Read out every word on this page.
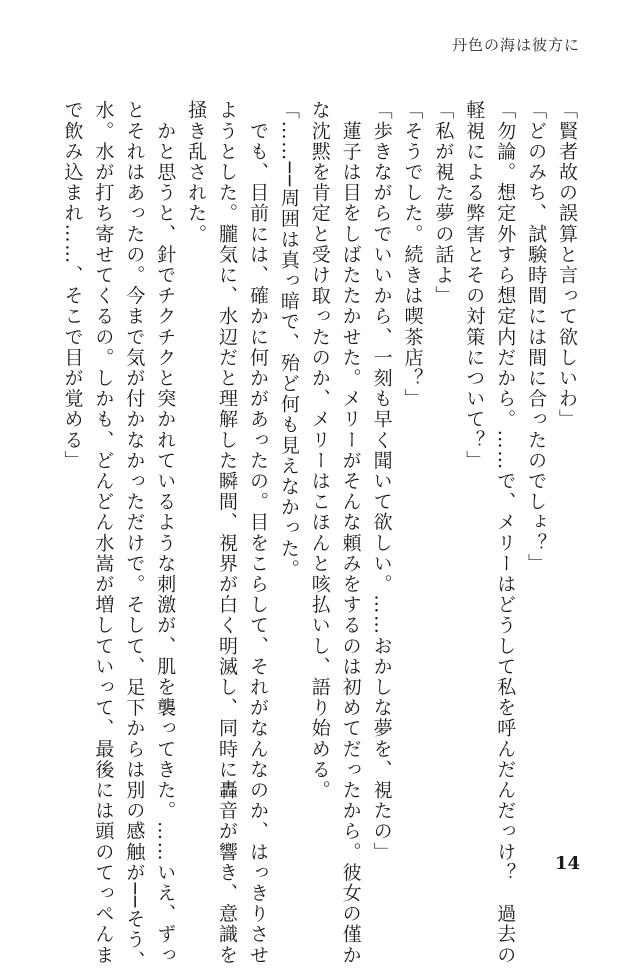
丹色の海は彼方に
「賢者故の誤算と言って欲しいわ」
「どのみち、試験時間には間に合ったのでしょ？」
「勿論。想定外すら想定内だから。……で、メリーはどうして私を呼んだんだっけ？　過去の
軽視による弊害とその対策について？」
「私が視た夢の話よ」
「そうでした。続きは喫茶店？」
「歩きながらでいいから、一刻も早く聞いて欲しい。……おかしな夢を、視たの」
　蓮子は目をしばたたかせた。メリーがそんな頼みをするのは初めてだったから。彼女の僅か
な沈黙を肯定と受け取ったのか、メリーはこほんと咳払いし、語り始める。
「……──周囲は真っ暗で、殆ど何も見えなかった。
　でも、目前には、確かに何かがあったの。目をこらして、それがなんなのか、はっきりさせ
ようとした。朧気に、水辺だと理解した瞬間、視界が白く明滅し、同時に轟音が響き、意識を
掻き乱された。
　かと思うと、針でチクチクと突かれているような刺激が、肌を襲ってきた。……いえ、ずっ
とそれはあったの。今まで気が付かなかっただけで。そして、足下からは別の感触が──そう、
水。水が打ち寄せてくるの。しかも、どんどん水嵩が増していって、最後には頭のてっぺんま
で飲み込まれ……、そこで目が覚める」
14
